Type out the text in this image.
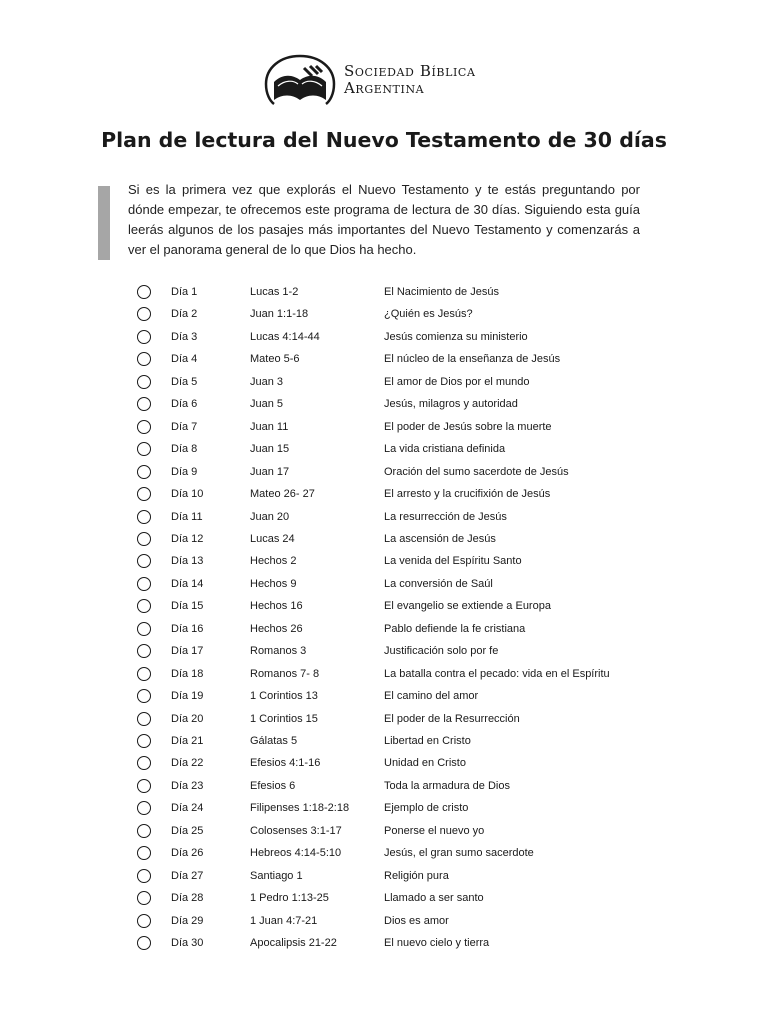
Sociedad Bíblica
Argentina
Plan de lectura del Nuevo Testamento de 30 días
Si es la primera vez que explorás el Nuevo Testamento y te estás preguntando por dónde empezar, te ofrecemos este programa de lectura de 30 días. Siguiendo esta guía leerás algunos de los pasajes más importantes del Nuevo Testamento y comenzarás a ver el panorama general de lo que Dios ha hecho.
Día 1	Lucas 1-2	El Nacimiento de Jesús
Día 2	Juan 1:1-18	¿Quién es Jesús?
Día 3	Lucas 4:14-44	Jesús comienza su ministerio
Día 4	Mateo 5-6	El núcleo de la enseñanza de Jesús
Día 5	Juan 3	El amor de Dios por el mundo
Día 6	Juan 5	Jesús, milagros y autoridad
Día 7	Juan 11	El poder de Jesús sobre la muerte
Día 8	Juan 15	La vida cristiana definida
Día 9	Juan 17	Oración del sumo sacerdote de Jesús
Día 10	Mateo 26- 27	El arresto y la crucifixión de Jesús
Día 11	Juan 20	La resurrección de Jesús
Día 12	Lucas 24	La ascensión de Jesús
Día 13	Hechos 2	La venida del Espíritu Santo
Día 14	Hechos 9	La conversión de Saúl
Día 15	Hechos 16	El evangelio se extiende a Europa
Día 16	Hechos 26	Pablo defiende la fe cristiana
Día 17	Romanos 3	Justificación solo por fe
Día 18	Romanos 7- 8	La batalla contra el pecado: vida en el Espíritu
Día 19	1 Corintios 13	El camino del amor
Día 20	1 Corintios 15	El poder de la Resurrección
Día 21	Gálatas 5	Libertad en Cristo
Día 22	Efesios 4:1-16	Unidad en Cristo
Día 23	Efesios 6	Toda la armadura de Dios
Día 24	Filipenses 1:18-2:18	Ejemplo de cristo
Día 25	Colosenses 3:1-17	Ponerse el nuevo yo
Día 26	Hebreos 4:14-5:10	Jesús, el gran sumo sacerdote
Día 27	Santiago 1	Religión pura
Día 28	1 Pedro 1:13-25	Llamado a ser santo
Día 29	1 Juan 4:7-21	Dios es amor
Día 30	Apocalipsis 21-22	El nuevo cielo y tierra
